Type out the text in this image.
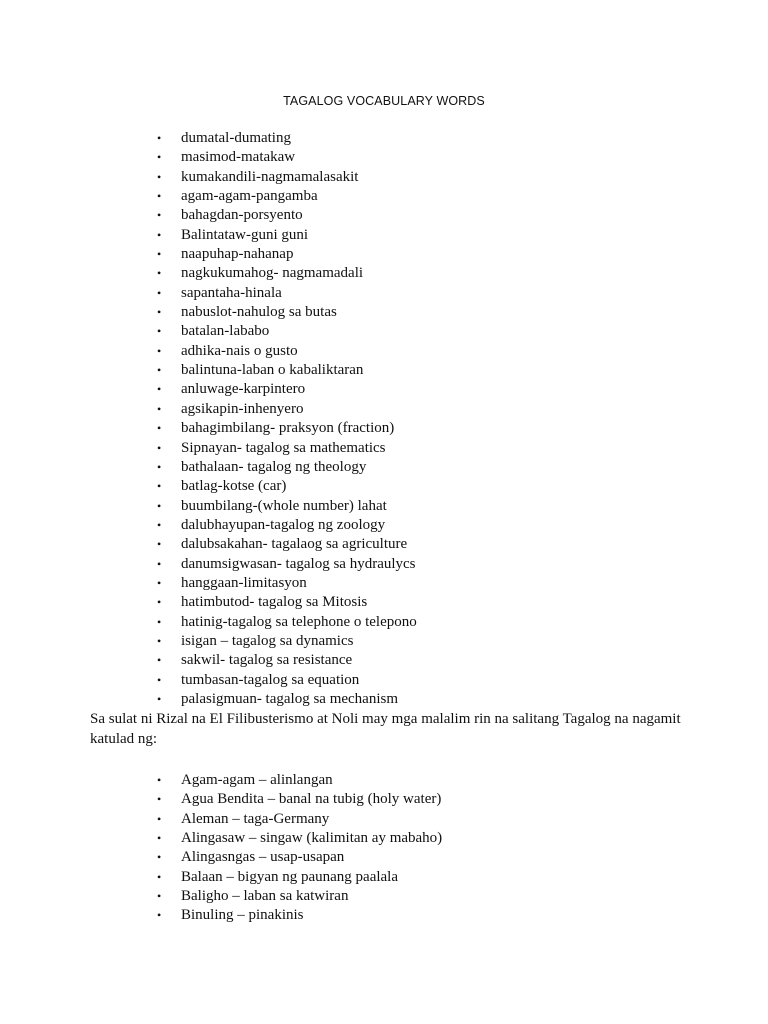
TAGALOG VOCABULARY WORDS
•	dumatal-dumating
•	masimod-matakaw
•	kumakandili-nagmamalasakit
•	agam-agam-pangamba
•	bahagdan-porsyento
•	Balintataw-guni guni
•	naapuhap-nahanap
•	nagkukumahog- nagmamadali
•	sapantaha-hinala
•	nabuslot-nahulog sa butas
•	batalan-lababo
•	adhika-nais o gusto
•	balintuna-laban o kabaliktaran
•	anluwage-karpintero
•	agsikapin-inhenyero
•	bahagimbilang- praksyon (fraction)
•	Sipnayan- tagalog sa mathematics
•	bathalaan- tagalog ng theology
•	batlag-kotse (car)
•	buumbilang-(whole number) lahat
•	dalubhayupan-tagalog ng zoology
•	dalubsakahan- tagalaog sa agriculture
•	danumsigwasan- tagalog sa hydraulycs
•	hanggaan-limitasyon
•	hatimbutod- tagalog sa Mitosis
•	hatinig-tagalog sa telephone o telepono
•	isigan – tagalog sa dynamics
•	sakwil- tagalog sa resistance
•	tumbasan-tagalog sa equation
•	palasigmuan- tagalog sa mechanism

Sa sulat ni Rizal na El Filibusterismo at Noli may mga malalim rin na salitang Tagalog na nagamit katulad ng:

•	Agam-agam – alinlangan
•	Agua Bendita – banal na tubig (holy water)
•	Aleman – taga-Germany
•	Alingasaw – singaw (kalimitan ay mabaho)
•	Alingasngas – usap-usapan
•	Balaan – bigyan ng paunang paalala
•	Baligho – laban sa katwiran
•	Binuling – pinakinis
